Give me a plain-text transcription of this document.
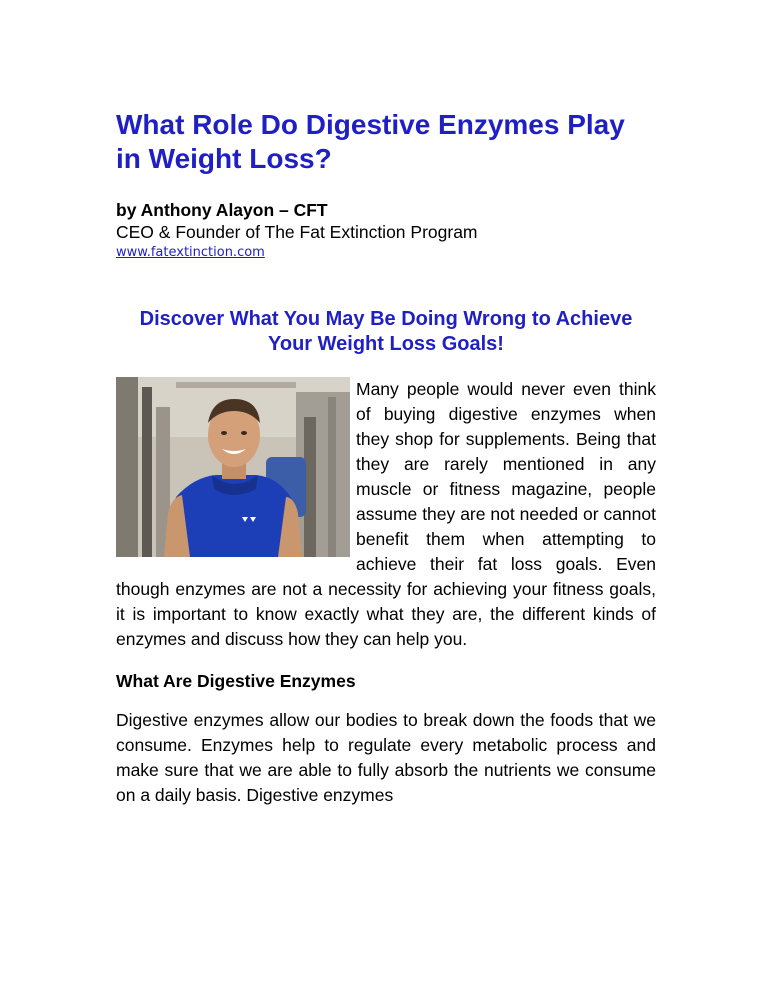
What Role Do Digestive Enzymes Play in Weight Loss?
by Anthony Alayon – CFT
CEO & Founder of The Fat Extinction Program
www.fatextinction.com
Discover What You May Be Doing Wrong to Achieve Your Weight Loss Goals!

Many people would never even think of buying digestive enzymes when they shop for supplements. Being that they are rarely mentioned in any muscle or fitness magazine, people assume they are not needed or cannot benefit them when attempting to achieve their fat loss goals. Even though enzymes are not a necessity for achieving your fitness goals, it is important to know exactly what they are, the different kinds of enzymes and discuss how they can help you.

What Are Digestive Enzymes

Digestive enzymes allow our bodies to break down the foods that we consume. Enzymes help to regulate every metabolic process and make sure that we are able to fully absorb the nutrients we consume on a daily basis. Digestive enzymes
